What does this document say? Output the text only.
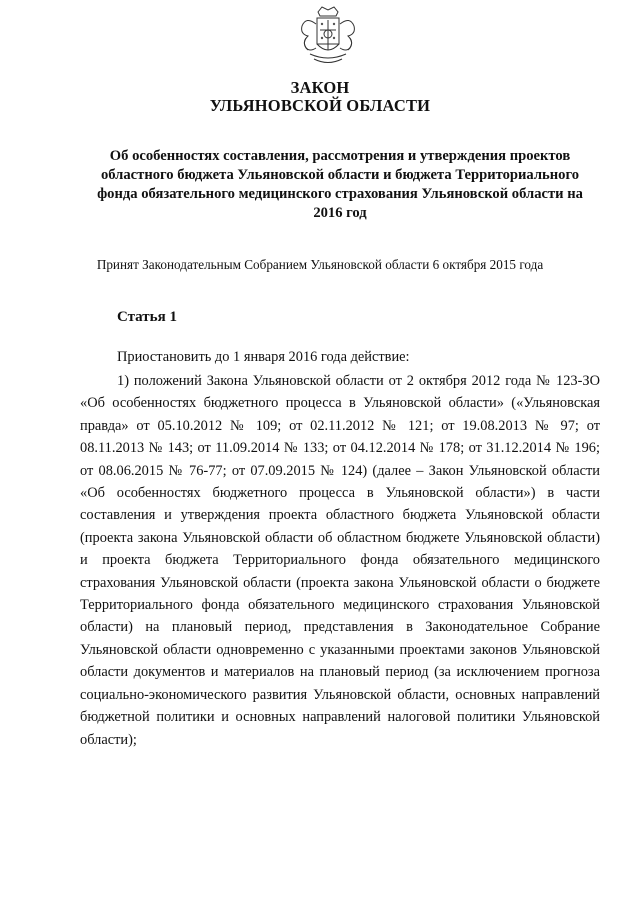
ЗАКОН
УЛЬЯНОВСКОЙ ОБЛАСТИ
Об особенностях составления, рассмотрения и утверждения проектов областного бюджета Ульяновской области и бюджета Территориального фонда обязательного медицинского страхования Ульяновской области на 2016 год
Принят Законодательным Собранием Ульяновской области 6 октября 2015 года
Статья 1
Приостановить до 1 января 2016 года действие:
1) положений Закона Ульяновской области от 2 октября 2012 года № 123-ЗО «Об особенностях бюджетного процесса в Ульяновской области» («Ульяновская правда» от 05.10.2012 № 109; от 02.11.2012 № 121; от 19.08.2013 № 97; от 08.11.2013 № 143; от 11.09.2014 № 133; от 04.12.2014 № 178; от 31.12.2014 № 196; от 08.06.2015 № 76-77; от 07.09.2015 № 124) (далее – Закон Ульяновской области «Об особенностях бюджетного процесса в Ульяновской области») в части составления и утверждения проекта областного бюджета Ульяновской области (проекта закона Ульяновской области об областном бюджете Ульяновской области) и проекта бюджета Территориального фонда обязательного медицинского страхования Ульяновской области (проекта закона Ульяновской области о бюджете Территориального фонда обязательного медицинского страхования Ульяновской области) на плановый период, представления в Законодательное Собрание Ульяновской области одновременно с указанными проектами законов Ульяновской области документов и материалов на плановый период (за исключением прогноза социально-экономического развития Ульяновской области, основных направлений бюджетной политики и основных направлений налоговой политики Ульяновской области);
